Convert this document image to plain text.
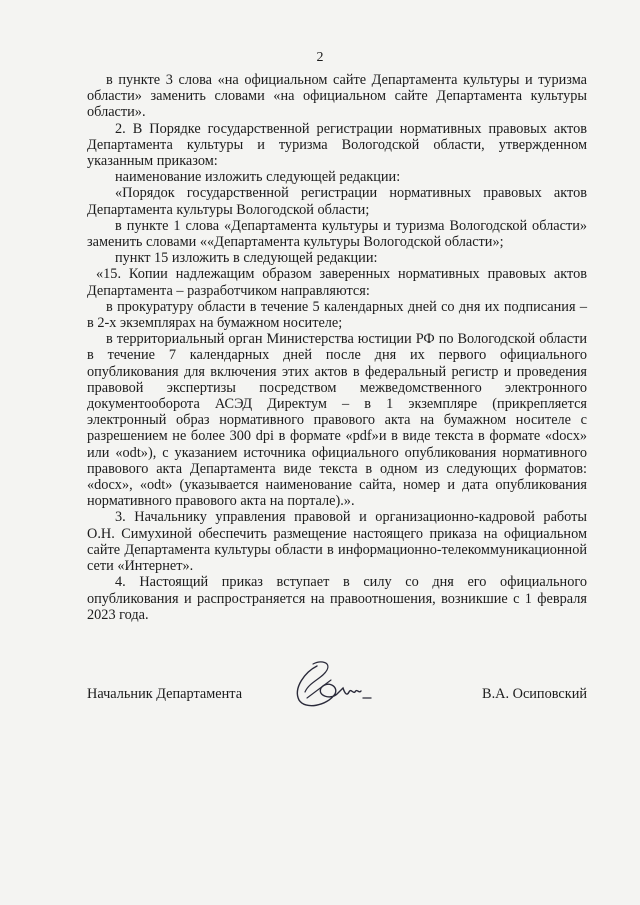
2

в пункте 3 слова «на официальном сайте Департамента культуры и туризма области» заменить словами «на официальном сайте Департамента культуры области».

2. В Порядке государственной регистрации нормативных правовых актов Департамента культуры и туризма Вологодской области, утвержденном указанным приказом:

наименование изложить следующей редакции:

«Порядок государственной регистрации нормативных правовых актов Департамента культуры Вологодской области;

в пункте 1 слова «Департамента культуры и туризма Вологодской области» заменить словами ««Департамента культуры Вологодской области»;

пункт 15 изложить в следующей редакции:

«15. Копии надлежащим образом заверенных нормативных правовых актов Департамента – разработчиком направляются:

в прокуратуру области в течение 5 календарных дней со дня их подписания – в 2-х экземплярах на бумажном носителе;

в территориальный орган Министерства юстиции РФ по Вологодской области в течение 7 календарных дней после дня их первого официального опубликования для включения этих актов в федеральный регистр и проведения правовой экспертизы посредством межведомственного электронного документооборота АСЭД Директум – в 1 экземпляре (прикрепляется электронный образ нормативного правового акта на бумажном носителе с разрешением не более 300 dpi в формате «pdf»и в виде текста в формате «docx» или «odt»), с указанием источника официального опубликования нормативного правового акта Департамента виде текста в одном из следующих форматов: «docx», «odt» (указывается наименование сайта, номер и дата опубликования нормативного правового акта на портале).».

3. Начальнику управления правовой и организационно-кадровой работы О.Н. Симухиной обеспечить размещение настоящего приказа на официальном сайте Департамента культуры области в информационно-телекоммуникационной сети «Интернет».

4. Настоящий приказ вступает в силу со дня его официального опубликования и распространяется на правоотношения, возникшие с 1 февраля 2023 года.

Начальник Департамента	В.А. Осиповский
